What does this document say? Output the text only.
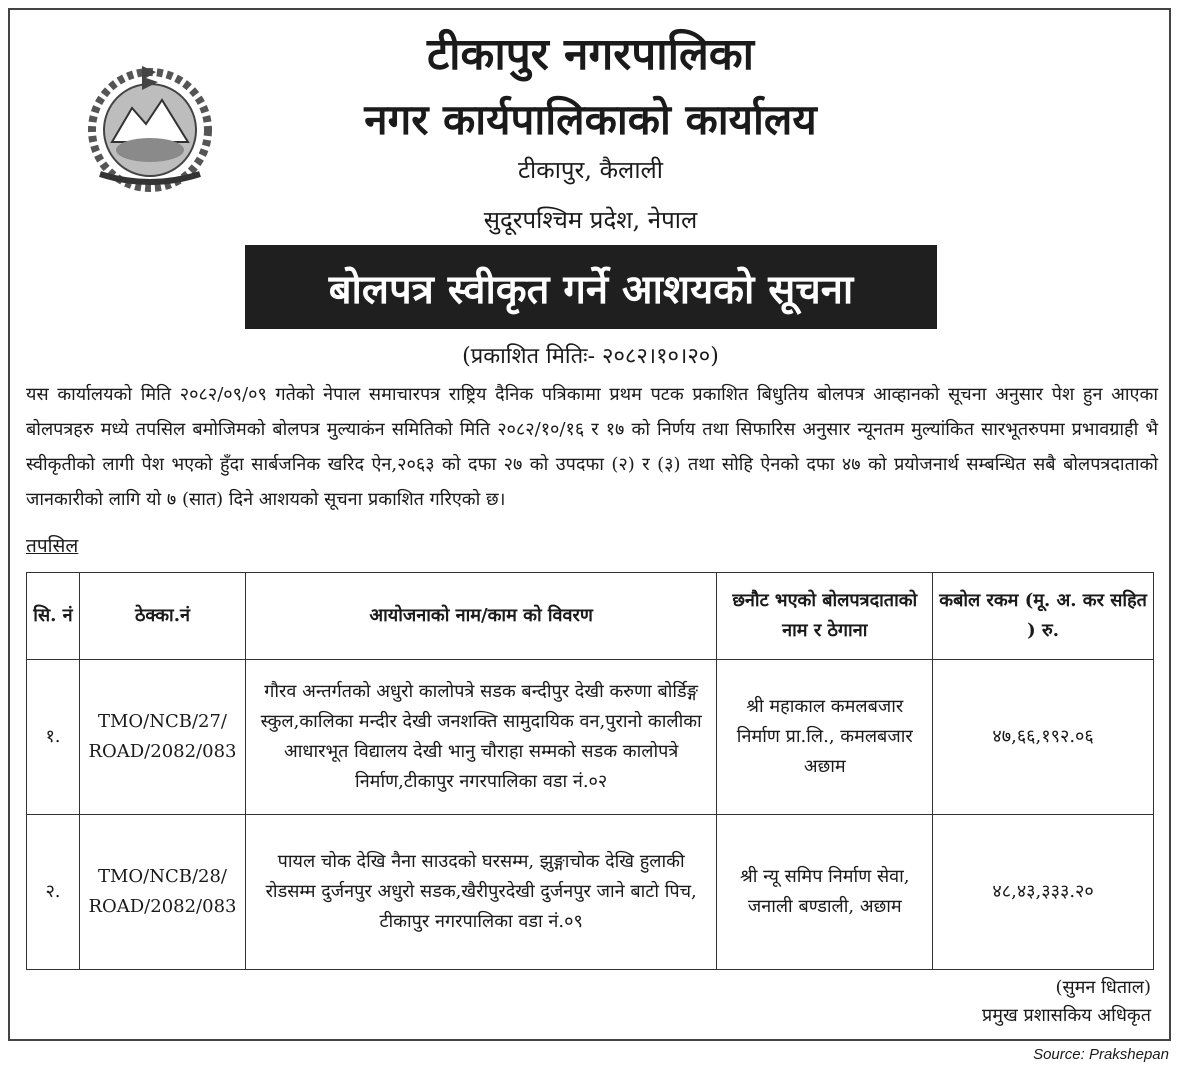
टीकापुर नगरपालिका
नगर कार्यपालिकाको कार्यालय
टीकापुर, कैलाली
सुदूरपश्चिम प्रदेश, नेपाल
बोलपत्र स्वीकृत गर्ने आशयको सूचना
(प्रकाशित मितिः- २०८२।१०।२०)
यस कार्यालयको मिति २०८२/०९/०९ गतेको नेपाल समाचारपत्र राष्ट्रिय दैनिक पत्रिकामा प्रथम पटक प्रकाशित बिधुतिय बोलपत्र आव्हानको सूचना अनुसार पेश हुन आएका बोलपत्रहरु मध्ये तपसिल बमोजिमको बोलपत्र मुल्याकंन समितिको मिति २०८२/१०/१६ र १७ को निर्णय तथा सिफारिस अनुसार न्यूनतम मुल्यांकित सारभूतरुपमा प्रभावग्राही भै स्वीकृतीको लागी पेश भएको हुँदा सार्बजनिक खरिद ऐन,२०६३ को दफा २७ को उपदफा (२) र (३) तथा सोहि ऐनको दफा ४७ को प्रयोजनार्थ सम्बन्धित सबै बोलपत्रदाताको जानकारीको लागि यो ७ (सात) दिने आशयको सूचना प्रकाशित गरिएको छ।
तपसिल
सि. नं	ठेक्का.नं	आयोजनाको नाम/काम को विवरण	छनौट भएको बोलपत्रदाताको नाम र ठेगाना	कबोल रकम (मू. अ. कर सहित ) रु.
१.	TMO/NCB/27/ ROAD/2082/083	गौरव अन्तर्गतको अधुरो कालोपत्रे सडक बन्दीपुर देखी करुणा बोर्डिङ्ग स्कुल,कालिका मन्दीर देखी जनशक्ति सामुदायिक वन,पुरानो कालीका आधारभूत विद्यालय देखी भानु चौराहा सम्मको सडक कालोपत्रे निर्माण,टीकापुर नगरपालिका वडा नं.०२	श्री महाकाल कमलबजार निर्माण प्रा.लि., कमलबजार अछाम	४७,६६,१९२.०६
२.	TMO/NCB/28/ ROAD/2082/083	पायल चोक देखि नैना साउदको घरसम्म, झुङ्गाचोक देखि हुलाकी रोडसम्म दुर्जनपुर अधुरो सडक,खैरीपुरदेखी दुर्जनपुर जाने बाटो पिच, टीकापुर नगरपालिका वडा नं.०९	श्री न्यू समिप निर्माण सेवा, जनाली बण्डाली, अछाम	४८,४३,३३३.२०
(सुमन धिताल)
प्रमुख प्रशासकिय अधिकृत
Source: Prakshepan
